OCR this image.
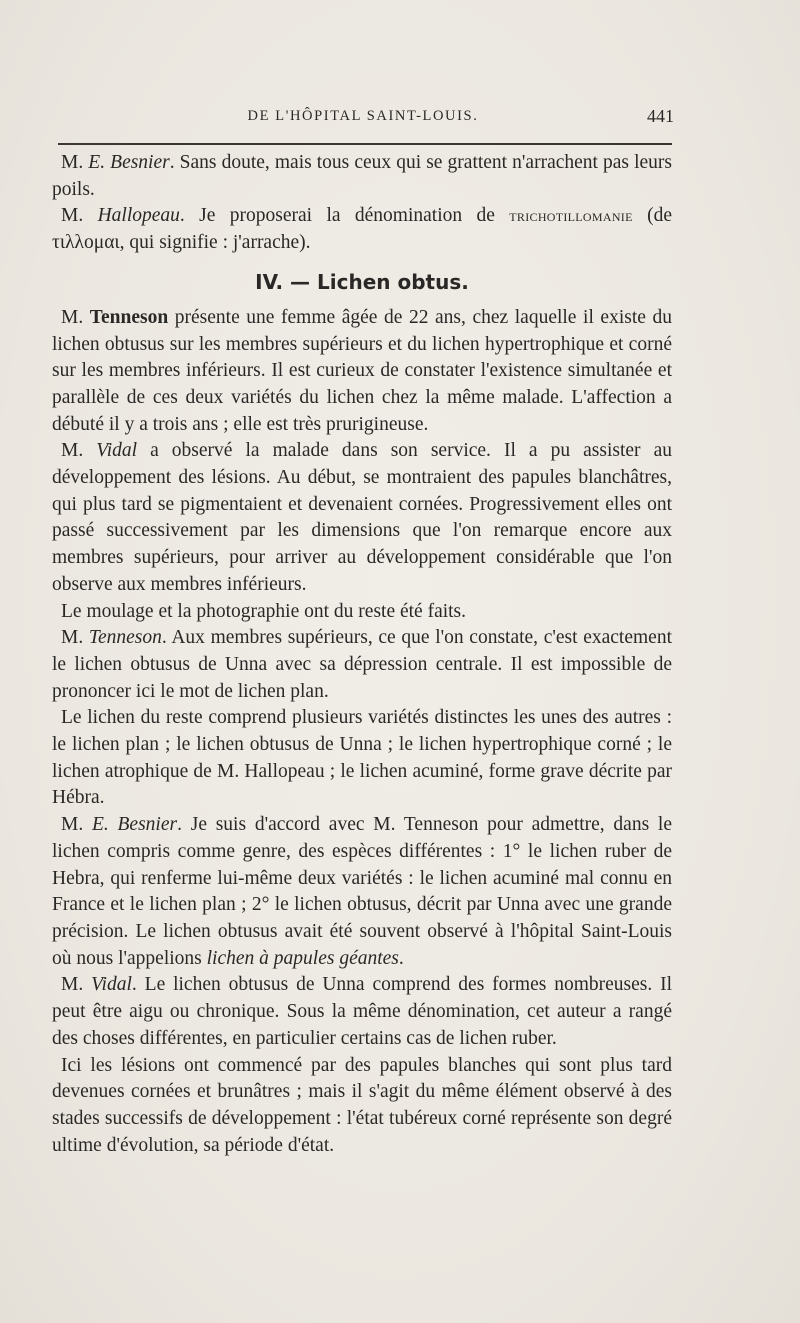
DE L'HÔPITAL SAINT-LOUIS.	441

M. E. Besnier. Sans doute, mais tous ceux qui se grattent n'arrachent pas leurs poils.

M. Hallopeau. Je proposerai la dénomination de trichotillomanie (de τιλλομαι, qui signifie : j'arrache).

IV. — Lichen obtus.

M. Tenneson présente une femme âgée de 22 ans, chez laquelle il existe du lichen obtusus sur les membres supérieurs et du lichen hypertrophique et corné sur les membres inférieurs. Il est curieux de constater l'existence simultanée et parallèle de ces deux variétés du lichen chez la même malade. L'affection a débuté il y a trois ans ; elle est très prurigineuse.

M. Vidal a observé la malade dans son service. Il a pu assister au développement des lésions. Au début, se montraient des papules blanchâtres, qui plus tard se pigmentaient et devenaient cornées. Progressivement elles ont passé successivement par les dimensions que l'on remarque encore aux membres supérieurs, pour arriver au développement considérable que l'on observe aux membres inférieurs.

Le moulage et la photographie ont du reste été faits.

M. Tenneson. Aux membres supérieurs, ce que l'on constate, c'est exactement le lichen obtusus de Unna avec sa dépression centrale. Il est impossible de prononcer ici le mot de lichen plan.

Le lichen du reste comprend plusieurs variétés distinctes les unes des autres : le lichen plan ; le lichen obtusus de Unna ; le lichen hypertrophique corné ; le lichen atrophique de M. Hallopeau ; le lichen acuminé, forme grave décrite par Hébra.

M. E. Besnier. Je suis d'accord avec M. Tenneson pour admettre, dans le lichen compris comme genre, des espèces différentes : 1° le lichen ruber de Hebra, qui renferme lui-même deux variétés : le lichen acuminé mal connu en France et le lichen plan ; 2° le lichen obtusus, décrit par Unna avec une grande précision. Le lichen obtusus avait été souvent observé à l'hôpital Saint-Louis où nous l'appelions lichen à papules géantes.

M. Vidal. Le lichen obtusus de Unna comprend des formes nombreuses. Il peut être aigu ou chronique. Sous la même dénomination, cet auteur a rangé des choses différentes, en particulier certains cas de lichen ruber.

Ici les lésions ont commencé par des papules blanches qui sont plus tard devenues cornées et brunâtres ; mais il s'agit du même élément observé à des stades successifs de développement : l'état tubéreux corné représente son degré ultime d'évolution, sa période d'état.
